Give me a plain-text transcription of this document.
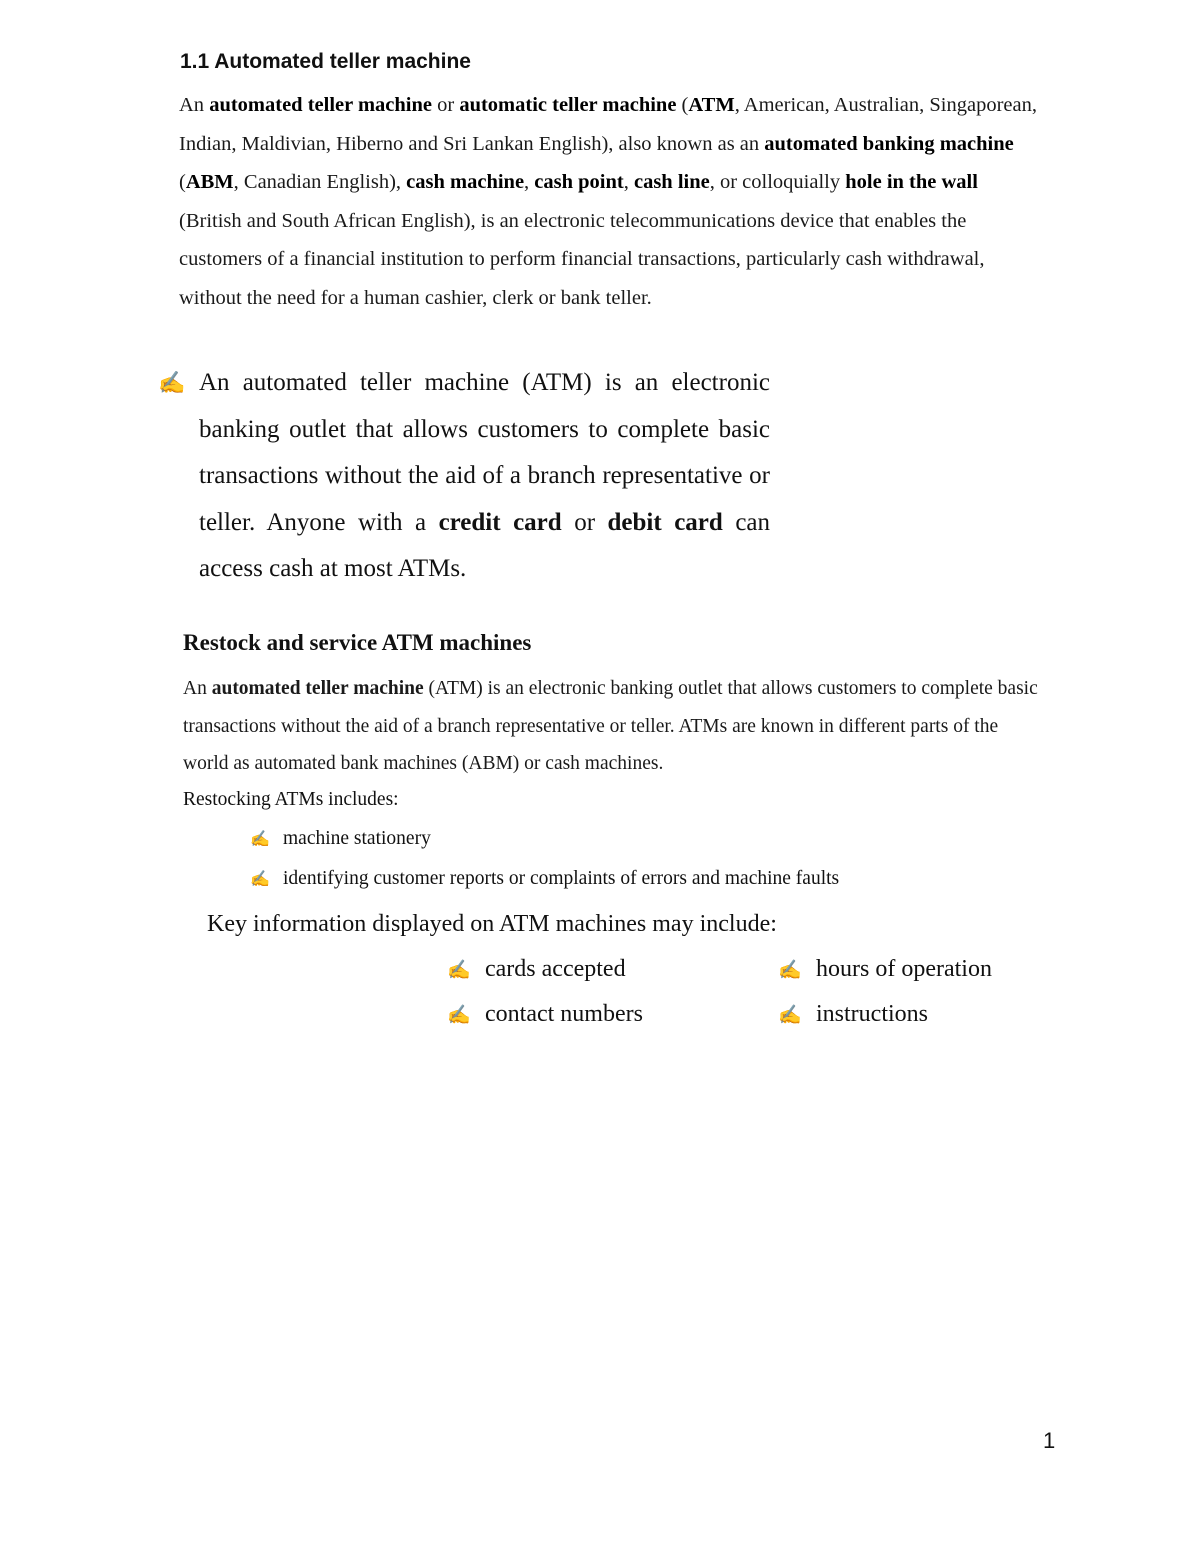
1.1 Automated teller machine
An automated teller machine or automatic teller machine (ATM, American, Australian, Singaporean, Indian, Maldivian, Hiberno and Sri Lankan English), also known as an automated banking machine (ABM, Canadian English), cash machine, cash point, cash line, or colloquially hole in the wall (British and South African English), is an electronic telecommunications device that enables the customers of a financial institution to perform financial transactions, particularly cash withdrawal, without the need for a human cashier, clerk or bank teller.
✍ An automated teller machine (ATM) is an electronic banking outlet that allows customers to complete basic transactions without the aid of a branch representative or teller. Anyone with a credit card or debit card can access cash at most ATMs.
Restock and service ATM machines
An automated teller machine (ATM) is an electronic banking outlet that allows customers to complete basic transactions without the aid of a branch representative or teller. ATMs are known in different parts of the world as automated bank machines (ABM) or cash machines.
Restocking ATMs includes:
✍ machine stationery
✍ identifying customer reports or complaints of errors and machine faults
Key information displayed on ATM machines may include:
✍ cards accepted	✍ hours of operation
✍ contact numbers	✍ instructions
1
